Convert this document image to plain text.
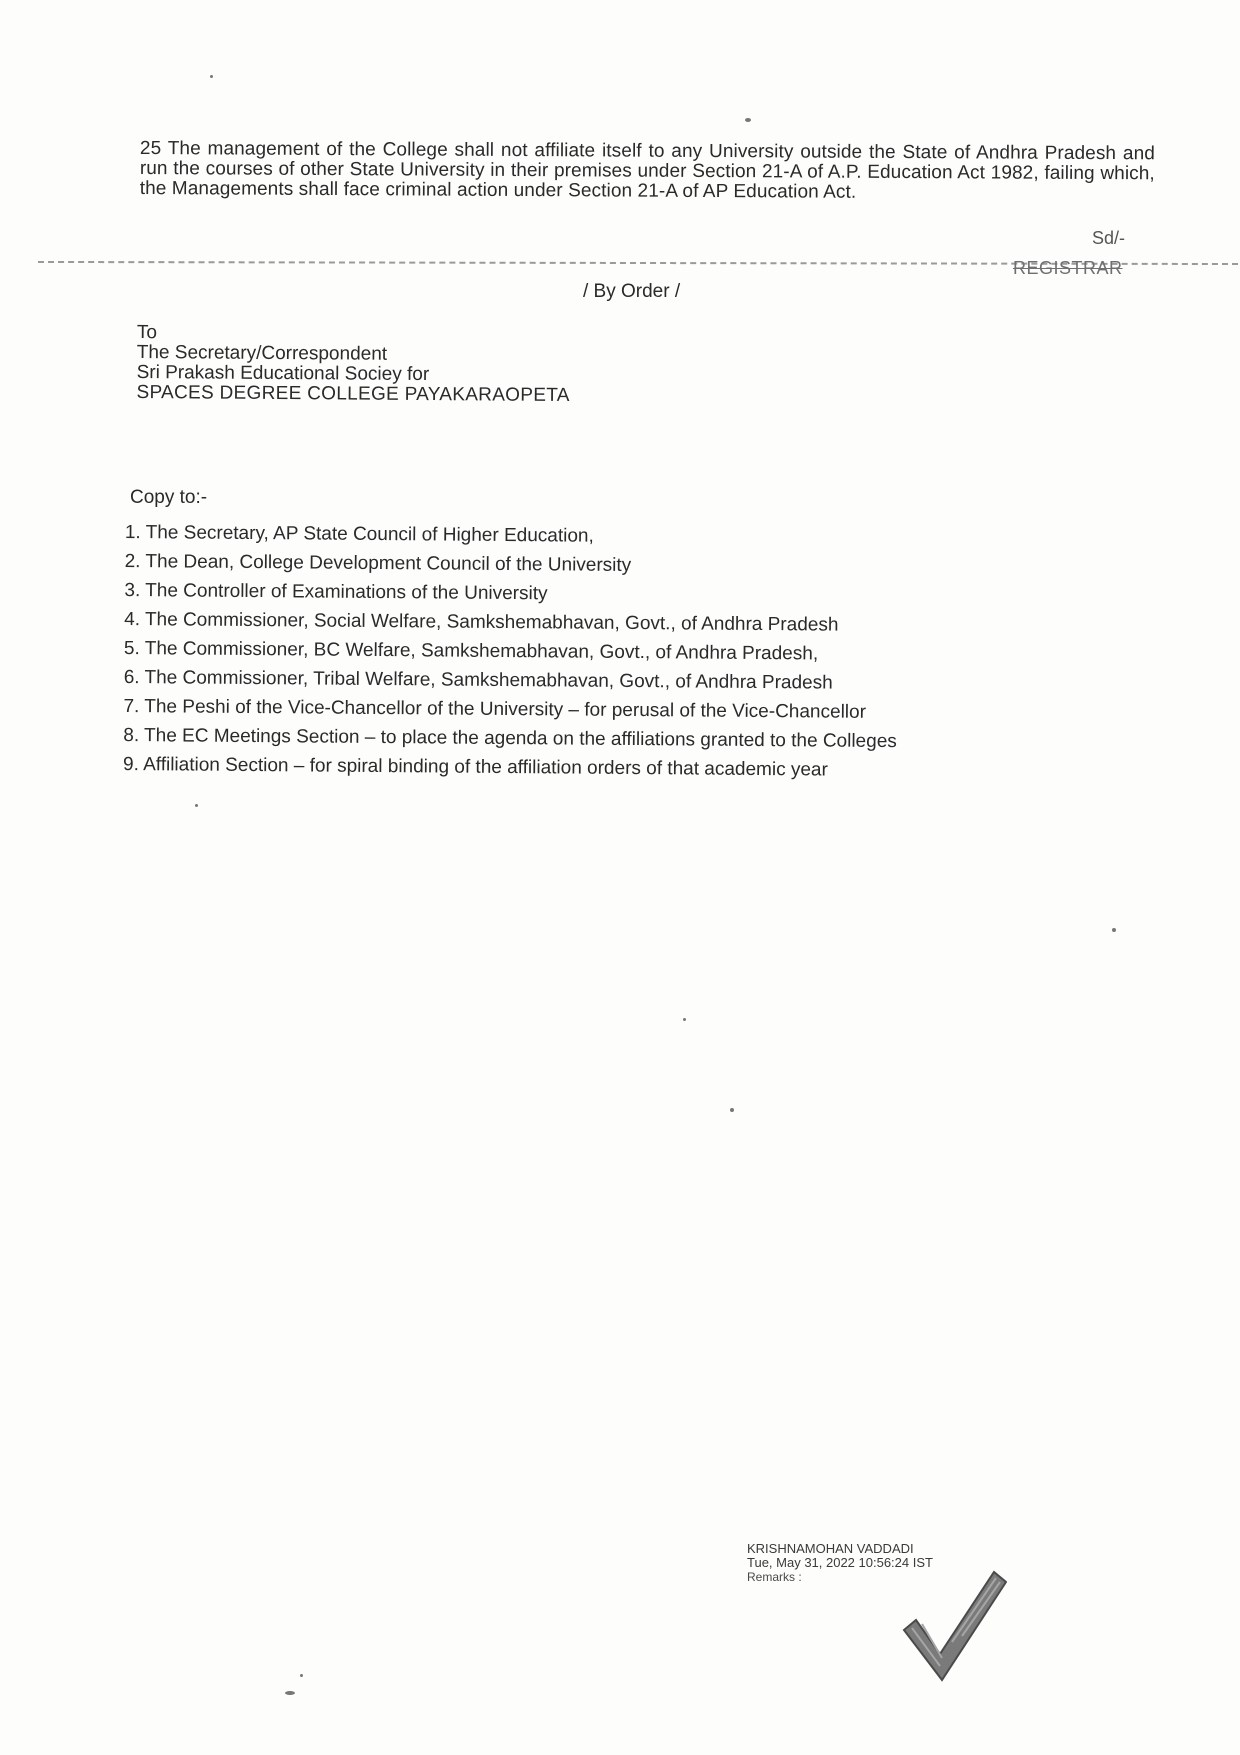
25 The management of the College shall not affiliate itself to any University outside the State of Andhra Pradesh and run the courses of other State University in their premises under Section 21-A of A.P. Education Act 1982, failing which, the Managements shall face criminal action under Section 21-A of AP Education Act.

Sd/-
REGISTRAR
/ By Order /
To
The Secretary/Correspondent
Sri Prakash Educational Sociey for
SPACES DEGREE COLLEGE PAYAKARAOPETA
Copy to:-
1. The Secretary, AP State Council of Higher Education,
2. The Dean, College Development Council of the University
3. The Controller of Examinations of the University
4. The Commissioner, Social Welfare, Samkshemabhavan, Govt., of Andhra Pradesh
5. The Commissioner, BC Welfare, Samkshemabhavan, Govt., of Andhra Pradesh,
6. The Commissioner, Tribal Welfare, Samkshemabhavan, Govt., of Andhra Pradesh
7. The Peshi of the Vice-Chancellor of the University – for perusal of the Vice-Chancellor
8. The EC Meetings Section – to place the agenda on the affiliations granted to the Colleges
9. Affiliation Section – for spiral binding of the affiliation orders of that academic year
KRISHNAMOHAN VADDADI
Tue, May 31, 2022 10:56:24 IST
Remarks :
